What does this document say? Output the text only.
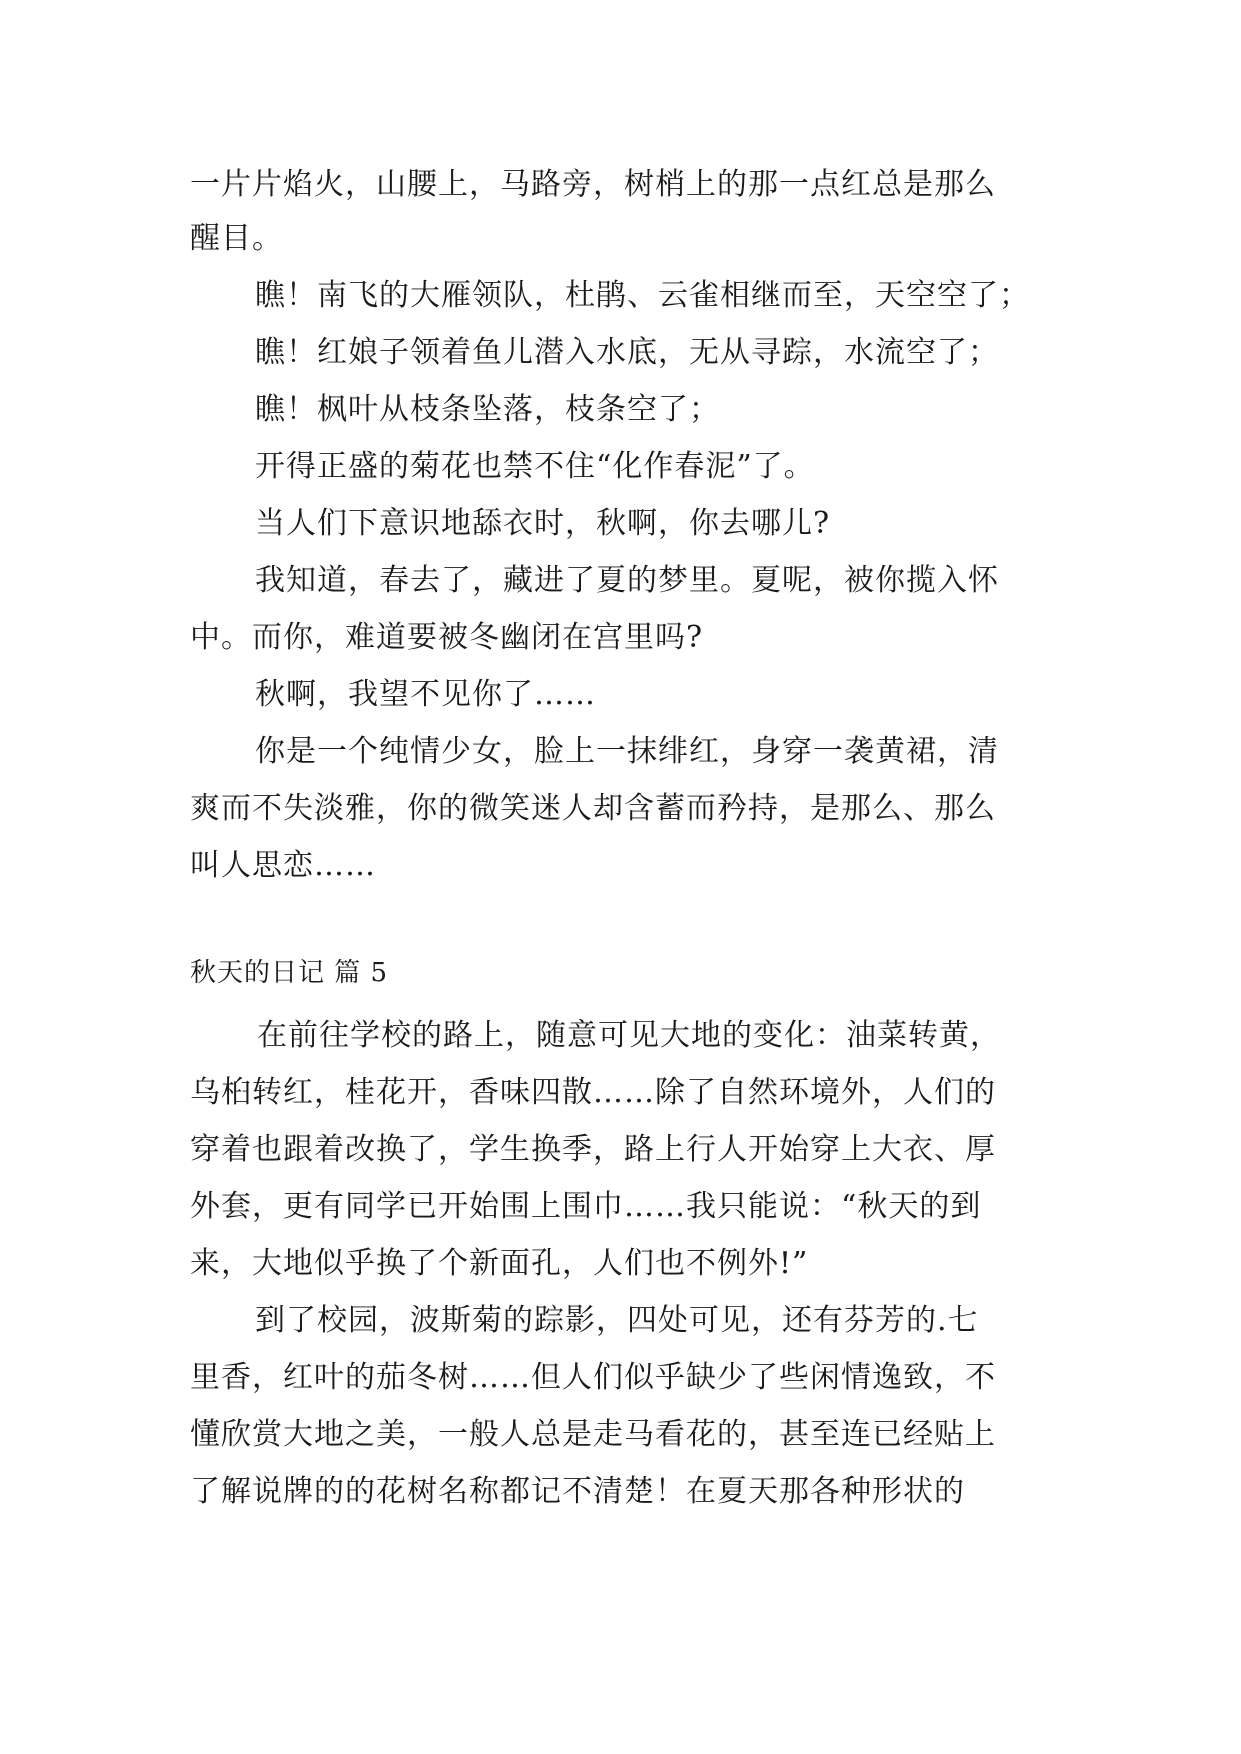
一片片焰火，山腰上，马路旁，树梢上的那一点红总是那么
醒目。
瞧！南飞的大雁领队，杜鹃、云雀相继而至，天空空了；
瞧！红娘子领着鱼儿潜入水底，无从寻踪，水流空了；
瞧！枫叶从枝条坠落，枝条空了；
开得正盛的菊花也禁不住“化作春泥”了。
当人们下意识地舔衣时，秋啊，你去哪儿?
我知道，春去了，藏进了夏的梦里。夏呢，被你揽入怀
中。而你，难道要被冬幽闭在宫里吗?
秋啊，我望不见你了……
你是一个纯情少女，脸上一抹绯红，身穿一袭黄裙，清
爽而不失淡雅，你的微笑迷人却含蓄而矜持，是那么、那么
叫人思恋……
秋天的日记 篇 5
在前往学校的路上，随意可见大地的变化：油菜转黄，
乌桕转红，桂花开，香味四散……除了自然环境外，人们的
穿着也跟着改换了，学生换季，路上行人开始穿上大衣、厚
外套，更有同学已开始围上围巾……我只能说：“秋天的到
来，大地似乎换了个新面孔，人们也不例外!”
到了校园，波斯菊的踪影，四处可见，还有芬芳的.七
里香，红叶的茄冬树……但人们似乎缺少了些闲情逸致，不
懂欣赏大地之美，一般人总是走马看花的，甚至连已经贴上
了解说牌的的花树名称都记不清楚！在夏天那各种形状的
